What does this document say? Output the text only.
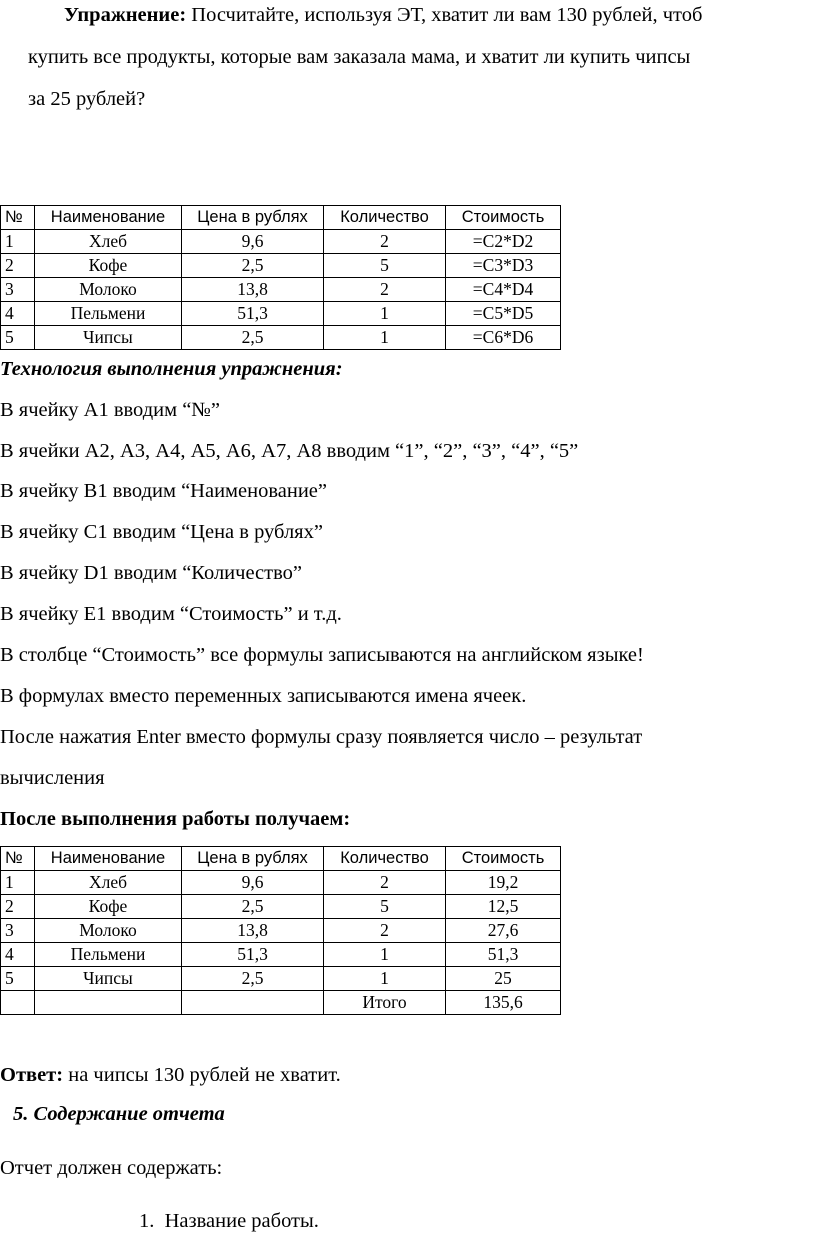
Упражнение: Посчитайте, используя ЭТ, хватит ли вам 130 рублей, чтоб
купить все продукты, которые вам заказала мама, и хватит ли купить чипсы
за 25 рублей?
№	Наименование	Цена в рублях	Количество	Стоимость
1	Хлеб	9,6	2	=C2*D2
2	Кофе	2,5	5	=C3*D3
3	Молоко	13,8	2	=C4*D4
4	Пельмени	51,3	1	=C5*D5
5	Чипсы	2,5	1	=C6*D6
Технология выполнения упражнения:
В ячейку А1 вводим “№”
В ячейки А2, А3, А4, А5, А6, А7, А8 вводим “1”, “2”, “3”, “4”, “5”
В ячейку В1 вводим “Наименование”
В ячейку С1 вводим “Цена в рублях”
В ячейку D1 вводим “Количество”
В ячейку Е1 вводим “Стоимость” и т.д.
В столбце “Стоимость” все формулы записываются на английском языке!
В формулах вместо переменных записываются имена ячеек.
После нажатия Enter вместо формулы сразу появляется число – результат
вычисления
После выполнения работы получаем:
№	Наименование	Цена в рублях	Количество	Стоимость
1	Хлеб	9,6	2	19,2
2	Кофе	2,5	5	12,5
3	Молоко	13,8	2	27,6
4	Пельмени	51,3	1	51,3
5	Чипсы	2,5	1	25
			Итого	135,6
Ответ: на чипсы 130 рублей не хватит.
5. Содержание отчета
Отчет должен содержать:
1. Название работы.
